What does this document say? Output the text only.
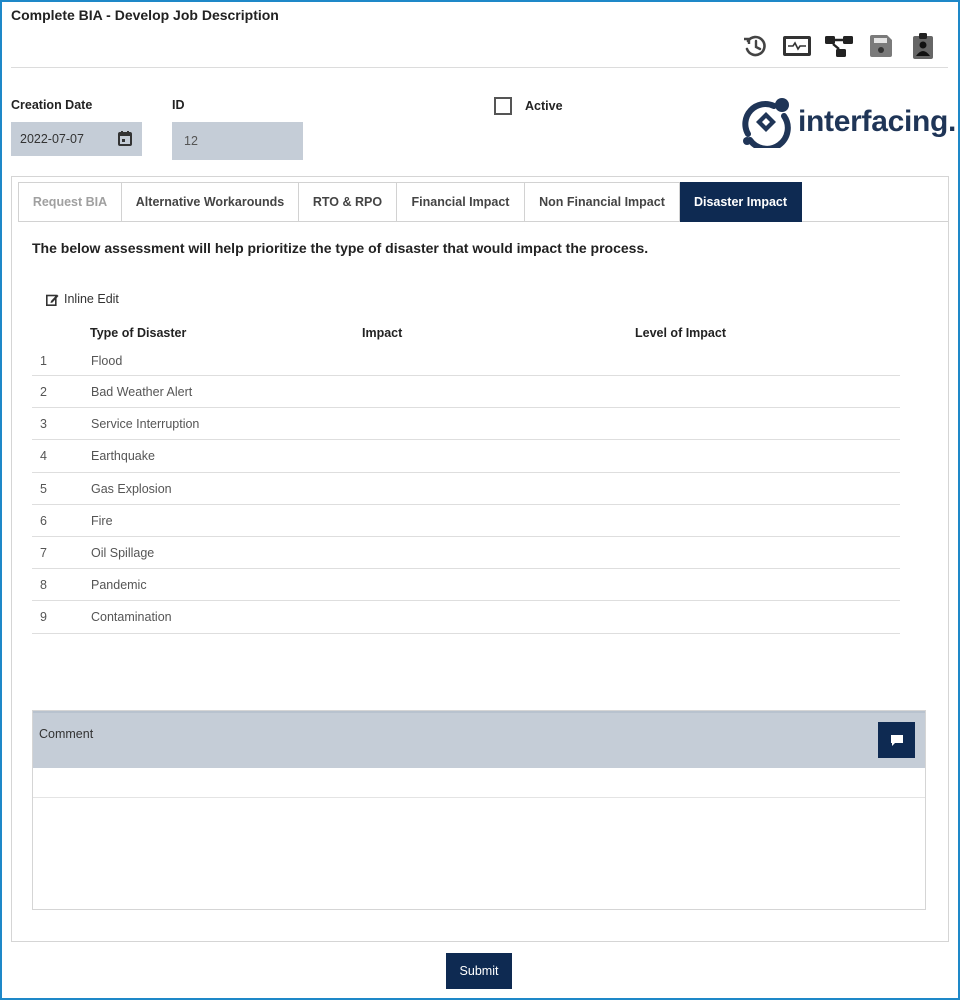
Complete BIA - Develop Job Description
Creation Date	ID
2022-07-07	12
Active	interfacing.
Request BIA	Alternative Workarounds	RTO & RPO	Financial Impact	Non Financial Impact	Disaster Impact
The below assessment will help prioritize the type of disaster that would impact the process.
Inline Edit
Type of Disaster	Impact	Level of Impact
1	Flood
2	Bad Weather Alert
3	Service Interruption
4	Earthquake
5	Gas Explosion
6	Fire
7	Oil Spillage
8	Pandemic
9	Contamination
Comment
Submit
